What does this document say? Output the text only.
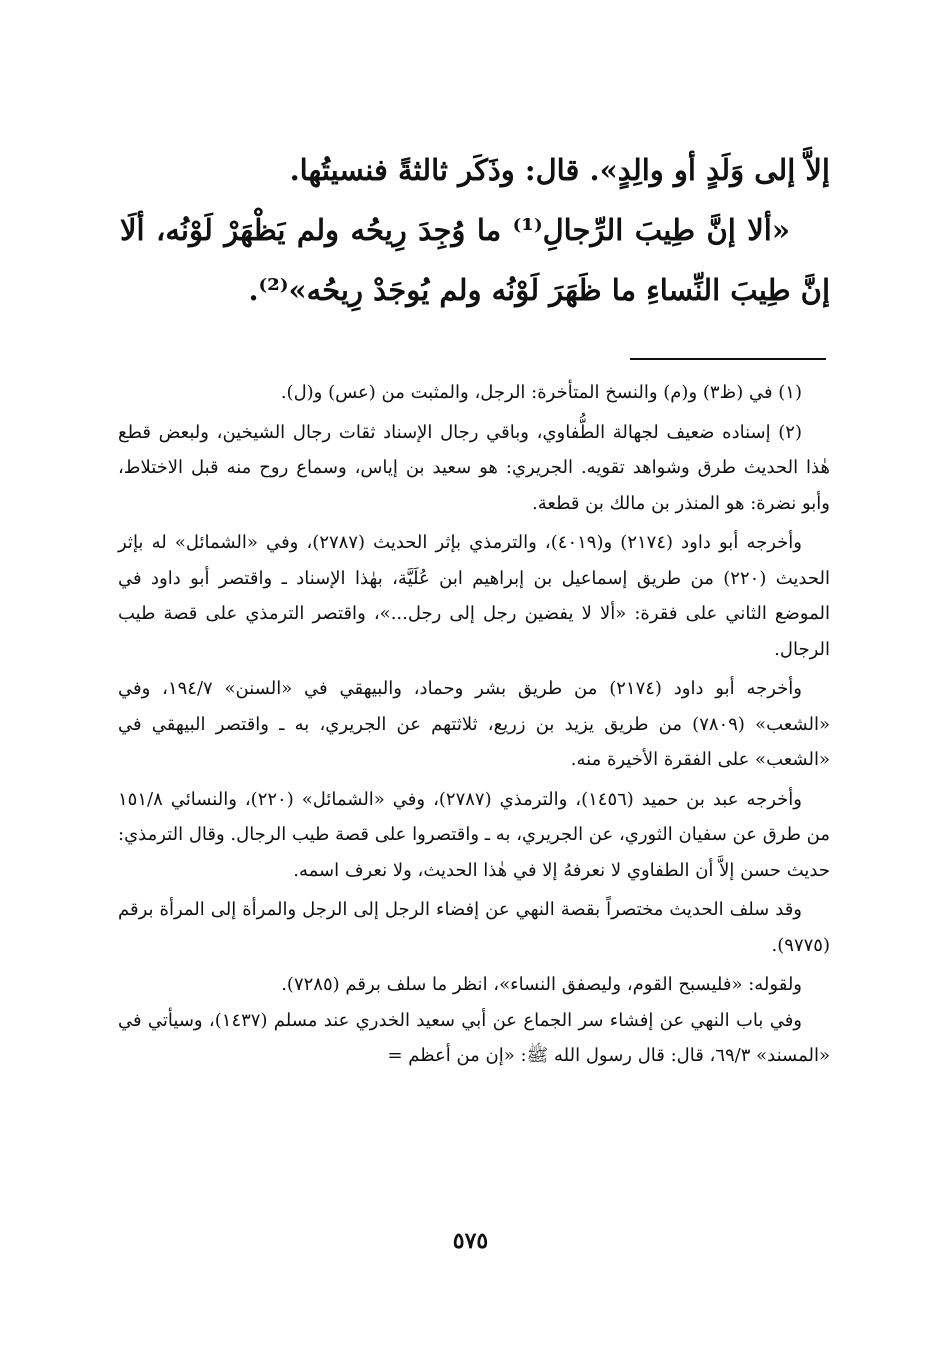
إلاَّ إلى وَلَدٍ أو والِدٍ». قال: وذَكَر ثالثةً فنسيتُها.

«ألا إنَّ طِيبَ الرِّجالِ⁽¹⁾ ما وُجِدَ رِيحُه ولم يَظْهَرْ لَوْنُه، ألَا إنَّ طِيبَ النِّساءِ ما ظَهَرَ لَوْنُه ولم يُوجَدْ رِيحُه»⁽²⁾.

(١) في (ظ٣) و(م) والنسخ المتأخرة: الرجل، والمثبت من (عس) و(ل).

(٢) إسناده ضعيف لجهالة الطُّفاوي، وباقي رجال الإسناد ثقات رجال الشيخين، ولبعض قطع هٰذا الحديث طرق وشواهد تقويه. الجريري: هو سعيد بن إياس، وسماع روح منه قبل الاختلاط، وأبو نضرة: هو المنذر بن مالك بن قطعة.

وأخرجه أبو داود (٢١٧٤) و(٤٠١٩)، والترمذي بإثر الحديث (٢٧٨٧)، وفي «الشمائل» له بإثر الحديث (٢٢٠) من طريق إسماعيل بن إبراهيم ابن عُلَيَّة، بهٰذا الإسناد ـ واقتصر أبو داود في الموضع الثاني على فقرة: «ألا لا يفضين رجل إلى رجل...»، واقتصر الترمذي على قصة طيب الرجال.

وأخرجه أبو داود (٢١٧٤) من طريق بشر وحماد، والبيهقي في «السنن» ١٩٤/٧، وفي «الشعب» (٧٨٠٩) من طريق يزيد بن زريع، ثلاثتهم عن الجريري، به ـ واقتصر البيهقي في «الشعب» على الفقرة الأخيرة منه.

وأخرجه عبد بن حميد (١٤٥٦)، والترمذي (٢٧٨٧)، وفي «الشمائل» (٢٢٠)، والنسائي ١٥١/٨ من طرق عن سفيان الثوري، عن الجريري، به ـ واقتصروا على قصة طيب الرجال. وقال الترمذي: حديث حسن إلاَّ أن الطفاوي لا نعرفهُ إلا في هٰذا الحديث، ولا نعرف اسمه.

وقد سلف الحديث مختصراً بقصة النهي عن إفضاء الرجل إلى الرجل والمرأة إلى المرأة برقم (٩٧٧٥).

ولقوله: «فليسبح القوم، وليصفق النساء»، انظر ما سلف برقم (٧٢٨٥).

وفي باب النهي عن إفشاء سر الجماع عن أبي سعيد الخدري عند مسلم (١٤٣٧)، وسيأتي في «المسند» ٦٩/٣، قال: قال رسول الله ﷺ: «إن من أعظم =

٥٧٥
